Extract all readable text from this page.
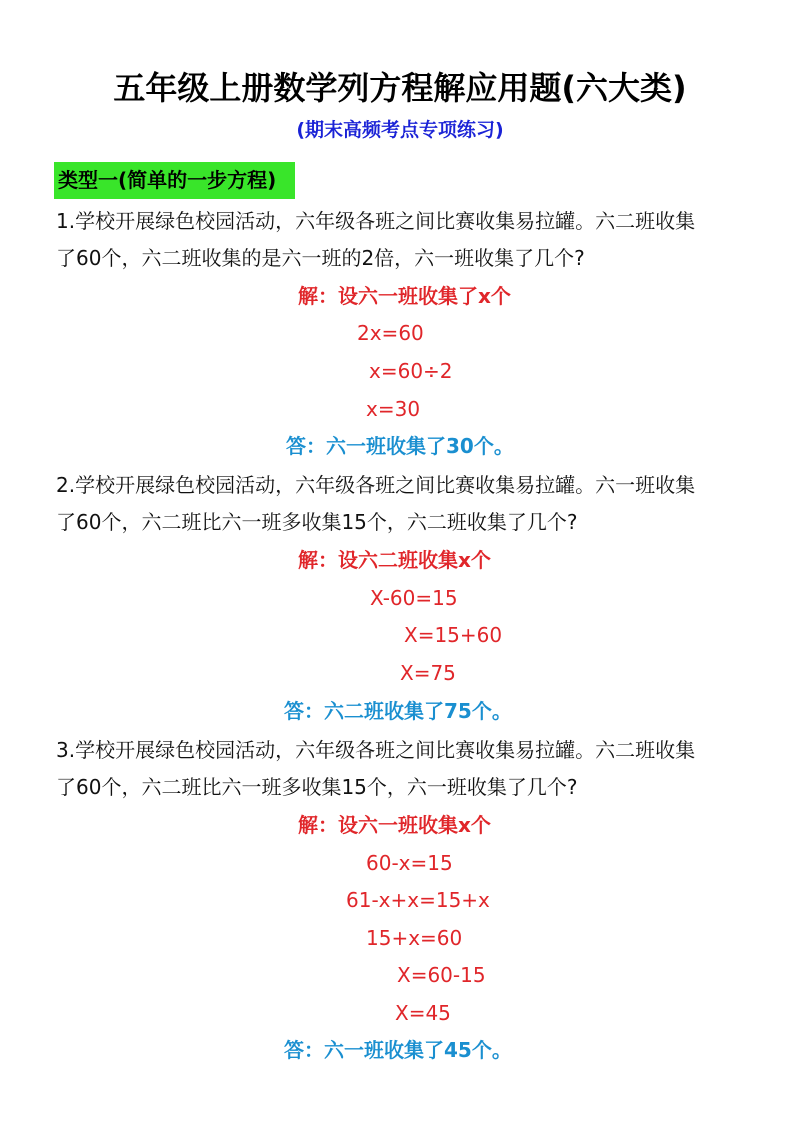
五年级上册数学列方程解应用题(六大类)
(期末高频考点专项练习)
类型一(简单的一步方程)
1.学校开展绿色校园活动，六年级各班之间比赛收集易拉罐。六二班收集
了60个，六二班收集的是六一班的2倍，六一班收集了几个?
解：设六一班收集了x个
2x=60
x=60÷2
x=30
答：六一班收集了30个。
2.学校开展绿色校园活动，六年级各班之间比赛收集易拉罐。六一班收集
了60个，六二班比六一班多收集15个，六二班收集了几个?
解：设六二班收集x个
X-60=15
X=15+60
X=75
答：六二班收集了75个。
3.学校开展绿色校园活动，六年级各班之间比赛收集易拉罐。六二班收集
了60个，六二班比六一班多收集15个，六一班收集了几个?
解：设六一班收集x个
60-x=15
61-x+x=15+x
15+x=60
X=60-15
X=45
答：六一班收集了45个。
